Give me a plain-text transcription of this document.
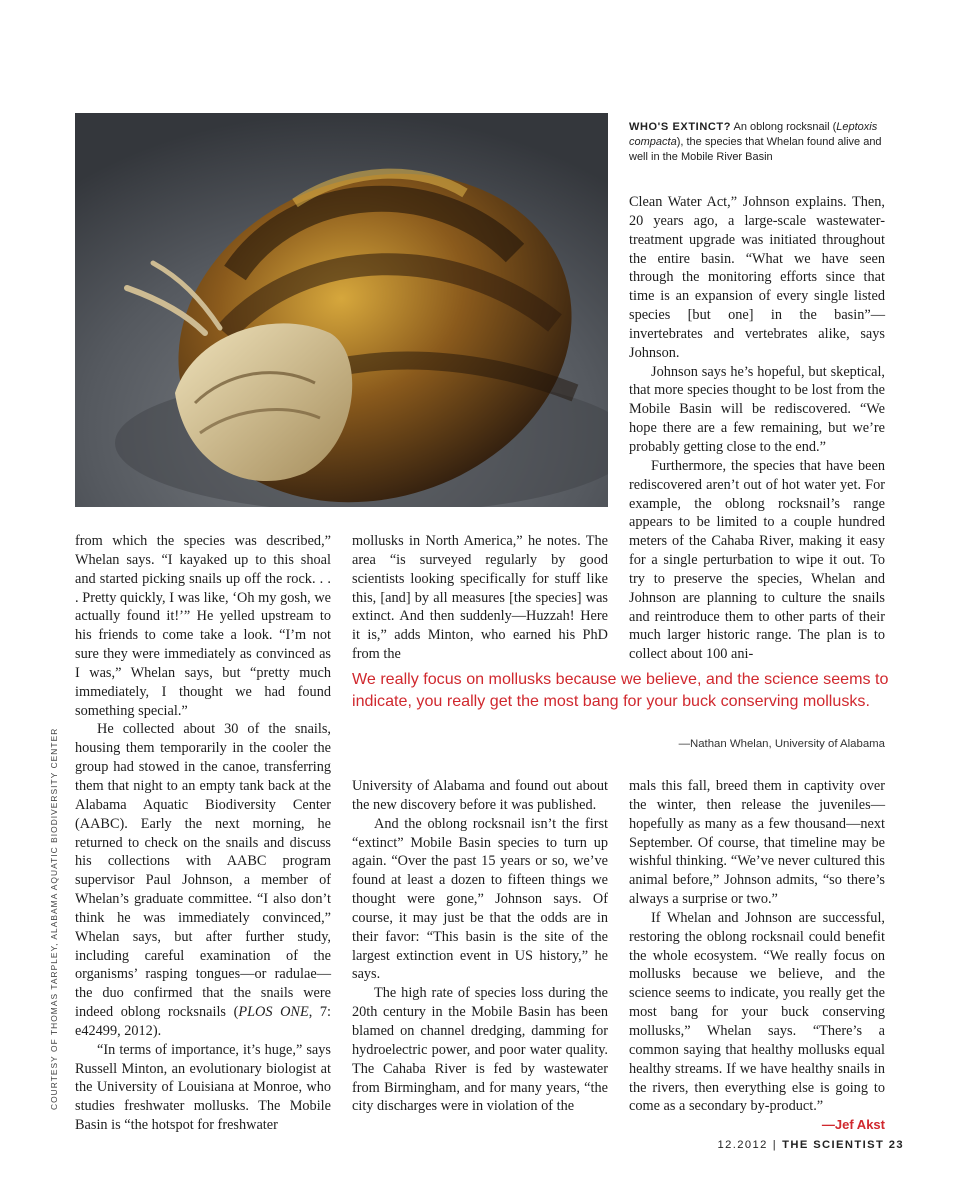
WHO'S EXTINCT? An oblong rocksnail (Leptoxis compacta), the species that Whelan found alive and well in the Mobile River Basin
COURTESY OF THOMAS TARPLEY, ALABAMA AQUATIC BIODIVERSITY CENTER

from which the species was described,” Whelan says. “I kayaked up to this shoal and started picking snails up off the rock. . . . Pretty quickly, I was like, ‘Oh my gosh, we actually found it!’” He yelled upstream to his friends to come take a look. “I’m not sure they were immediately as convinced as I was,” Whelan says, but “pretty much immediately, I thought we had found something special.”

He collected about 30 of the snails, housing them temporarily in the cooler the group had stowed in the canoe, transferring them that night to an empty tank back at the Alabama Aquatic Biodiversity Center (AABC). Early the next morning, he returned to check on the snails and discuss his collections with AABC program supervisor Paul Johnson, a member of Whelan’s graduate committee. “I also don’t think he was immediately convinced,” Whelan says, but after further study, including careful examination of the organisms’ rasping tongues—or radulae—the duo confirmed that the snails were indeed oblong rocksnails (PLOS ONE, 7: e42499, 2012).

“In terms of importance, it’s huge,” says Russell Minton, an evolutionary biologist at the University of Louisiana at Monroe, who studies freshwater mollusks. The Mobile Basin is “the hotspot for freshwater

mollusks in North America,” he notes. The area “is surveyed regularly by good scientists looking specifically for stuff like this, [and] by all measures [the species] was extinct. And then suddenly—Huzzah! Here it is,” adds Minton, who earned his PhD from the

Clean Water Act,” Johnson explains. Then, 20 years ago, a large-scale wastewater-treatment upgrade was initiated throughout the entire basin. “What we have seen through the monitoring efforts since that time is an expansion of every single listed species [but one] in the basin”—invertebrates and vertebrates alike, says Johnson.

Johnson says he’s hopeful, but skeptical, that more species thought to be lost from the Mobile Basin will be rediscovered. “We hope there are a few remaining, but we’re probably getting close to the end.”

Furthermore, the species that have been rediscovered aren’t out of hot water yet. For example, the oblong rocksnail’s range appears to be limited to a couple hundred meters of the Cahaba River, making it easy for a single perturbation to wipe it out. To try to preserve the species, Whelan and Johnson are planning to culture the snails and reintroduce them to other parts of their much larger historic range. The plan is to collect about 100 ani-

We really focus on mollusks because we believe, and the science seems to indicate, you really get the most bang for your buck conserving mollusks.
—Nathan Whelan, University of Alabama

University of Alabama and found out about the new discovery before it was published.

And the oblong rocksnail isn’t the first “extinct” Mobile Basin species to turn up again. “Over the past 15 years or so, we’ve found at least a dozen to fifteen things we thought were gone,” Johnson says. Of course, it may just be that the odds are in their favor: “This basin is the site of the largest extinction event in US history,” he says.

The high rate of species loss during the 20th century in the Mobile Basin has been blamed on channel dredging, damming for hydroelectric power, and poor water quality. The Cahaba River is fed by wastewater from Birmingham, and for many years, “the city discharges were in violation of the

mals this fall, breed them in captivity over the winter, then release the juveniles—hopefully as many as a few thousand—next September. Of course, that timeline may be wishful thinking. “We’ve never cultured this animal before,” Johnson admits, “so there’s always a surprise or two.”

If Whelan and Johnson are successful, restoring the oblong rocksnail could benefit the whole ecosystem. “We really focus on mollusks because we believe, and the science seems to indicate, you really get the most bang for your buck conserving mollusks,” Whelan says. “There’s a common saying that healthy mollusks equal healthy streams. If we have healthy snails in the rivers, then everything else is going to come as a secondary by-product.”
—Jef Akst

12.2012 | THE SCIENTIST 23
